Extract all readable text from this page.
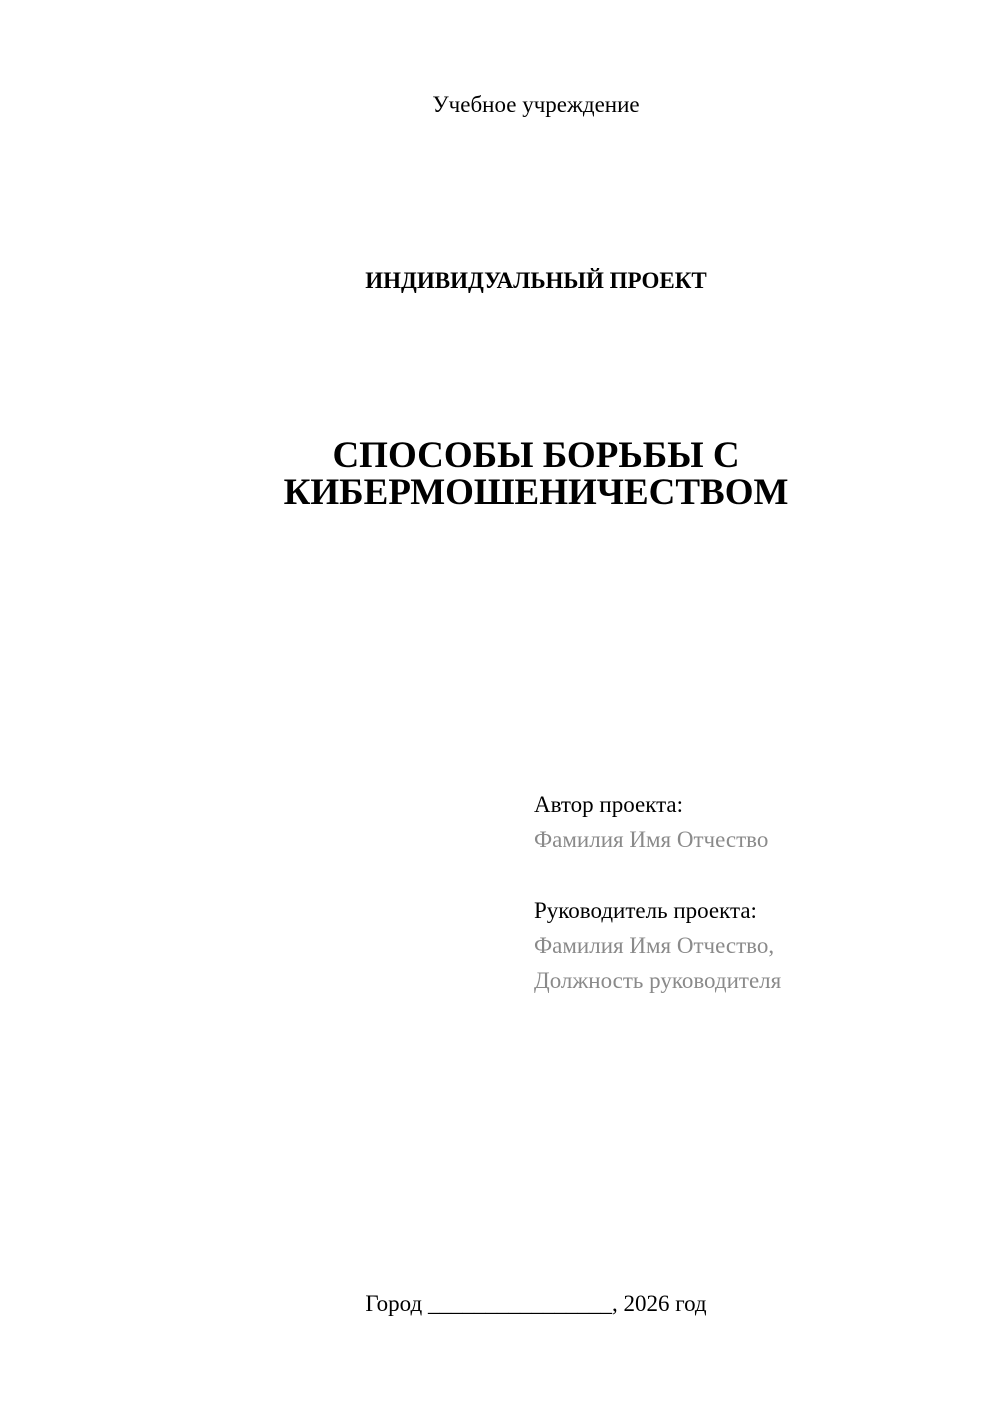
Учебное учреждение
ИНДИВИДУАЛЬНЫЙ ПРОЕКТ
СПОСОБЫ БОРЬБЫ С
КИБЕРМОШЕНИЧЕСТВОМ
Автор проекта:
Фамилия Имя Отчество
Руководитель проекта:
Фамилия Имя Отчество,
Должность руководителя
Город ________________, 2026 год
